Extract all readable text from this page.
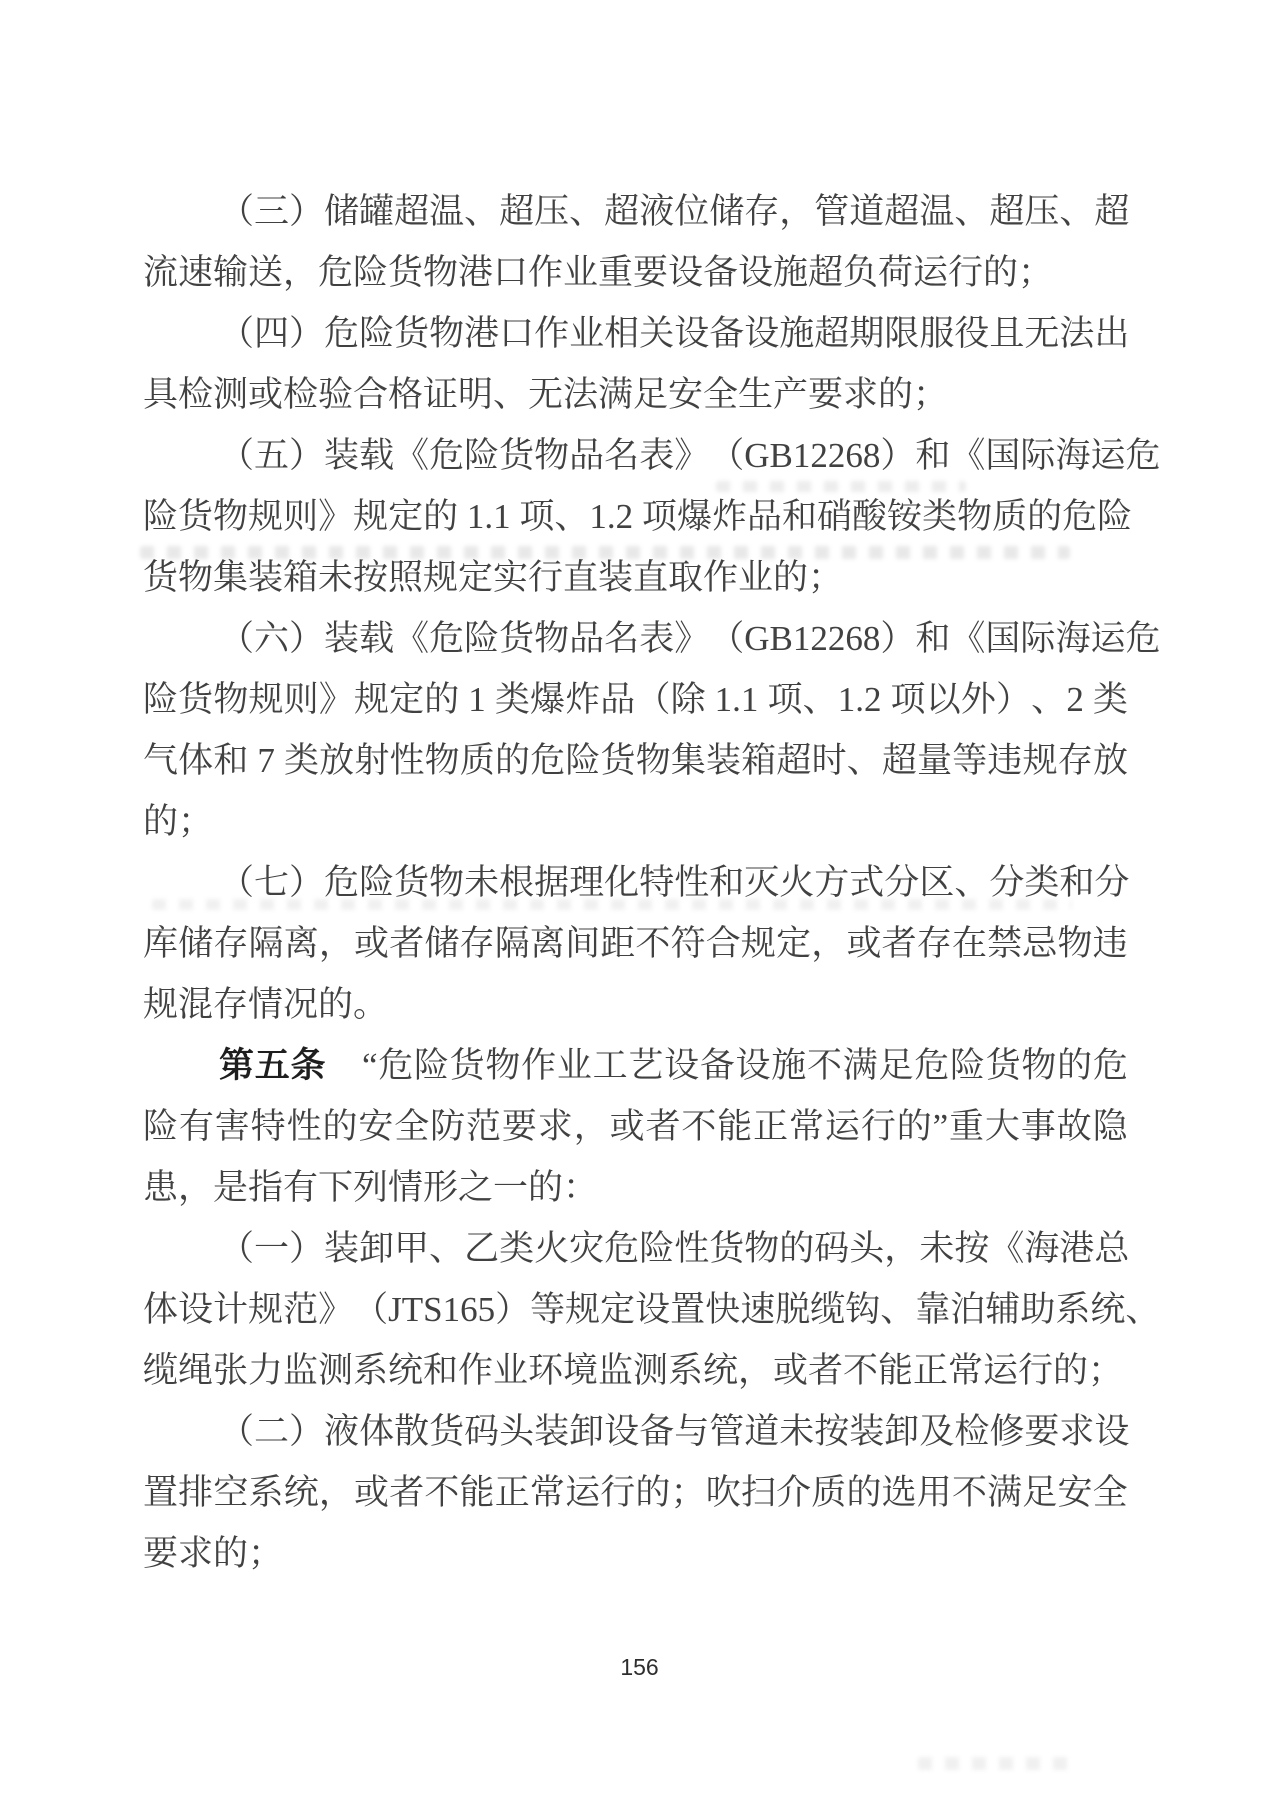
（ 三 ） 储 罐 超 温 、 超 压 、 超 液 位 储 存 ， 管 道 超 温 、 超 压 、 超
流速输送，危险货物港口作业重要设备设施超负荷运行的；
（ 四 ） 危 险 货 物 港 口 作 业 相 关 设 备 设 施 超 期 限 服 役 且 无 法 出
具检测或检验合格证明、无法满足安全生产要求的；
（ 五 ） 装 载 《 危 险 货 物 品 名 表 》 （ GB12268 ） 和 《 国 际 海 运 危
险 货 物 规 则 》 规 定 的
1.1
项 、 1.2
项 爆 炸 品 和 硝 酸 铵 类 物 质 的 危 险
货物集装箱未按照规定实行直装直取作业的；
（ 六 ） 装 载 《 危 险 货 物 品 名 表 》 （ GB12268 ） 和 《 国 际 海 运 危
险 货 物 规 则 》 规 定 的
1
类 爆 炸 品 （ 除
1.1
项 、 1.2
项 以 外 ） 、 2
类
气 体 和
7
类 放 射 性 物 质 的 危 险 货 物 集 装 箱 超 时 、 超 量 等 违 规 存 放
的；
（ 七 ） 危 险 货 物 未 根 据 理 化 特 性 和 灭 火 方 式 分 区 、 分 类 和 分
库 储 存 隔 离 ， 或 者 储 存 隔 离 间 距 不 符 合 规 定 ， 或 者 存 在 禁 忌 物 违
规混存情况的。
第 五 条
　 “ 危 险 货 物 作 业 工 艺 设 备 设 施 不 满 足 危 险 货 物 的 危
险 有 害 特 性 的 安 全 防 范 要 求 ， 或 者 不 能 正 常 运 行 的 ” 重 大 事 故 隐
患，是指有下列情形之一的：
（ 一 ） 装 卸 甲 、 乙 类 火 灾 危 险 性 货 物 的 码 头 ， 未 按 《 海 港 总
体 设 计 规 范 》 （ JTS165 ） 等 规 定 设 置 快 速 脱 缆 钩 、 靠 泊 辅 助 系 统 、
缆绳张力监测系统和作业环境监测系统，或者不能正常运行的；
（ 二 ） 液 体 散 货 码 头 装 卸 设 备 与 管 道 未 按 装 卸 及 检 修 要 求 设
置 排 空 系 统 ， 或 者 不 能 正 常 运 行 的 ； 吹 扫 介 质 的 选 用 不 满 足 安 全
要求的；
156
